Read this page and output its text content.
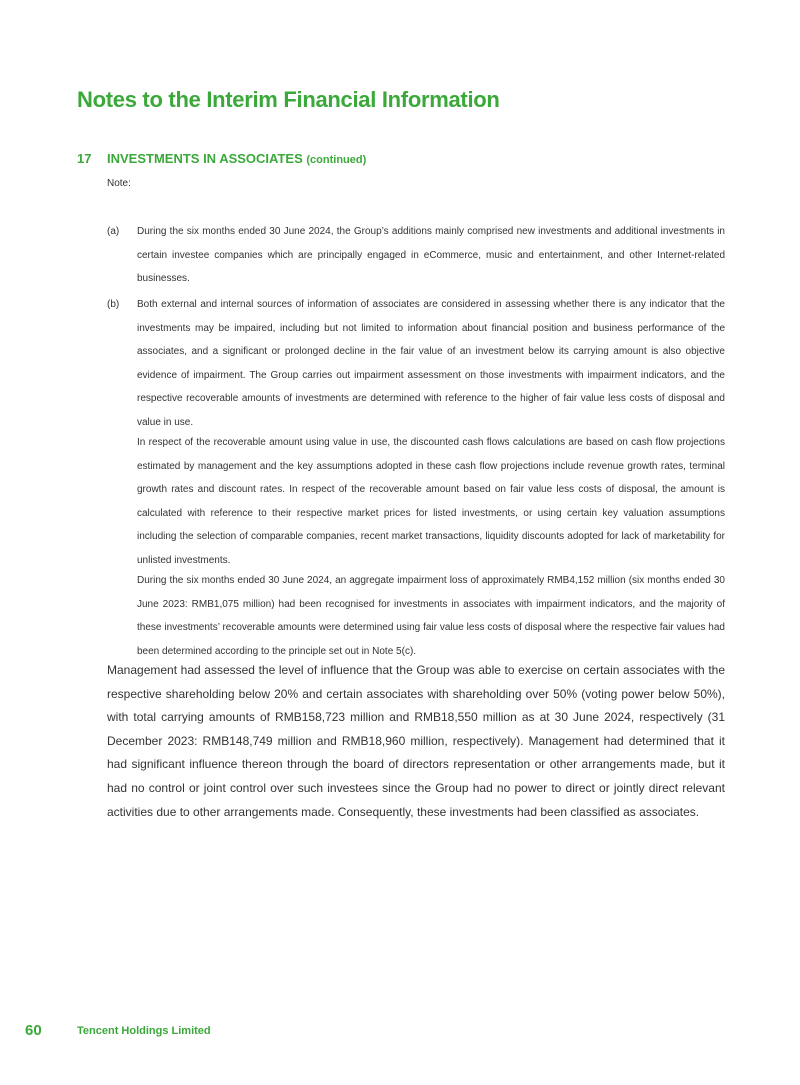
Notes to the Interim Financial Information
17 INVESTMENTS IN ASSOCIATES (continued)
Note:
(a) During the six months ended 30 June 2024, the Group’s additions mainly comprised new investments and additional investments in certain investee companies which are principally engaged in eCommerce, music and entertainment, and other Internet-related businesses.

(b) Both external and internal sources of information of associates are considered in assessing whether there is any indicator that the investments may be impaired, including but not limited to information about financial position and business performance of the associates, and a significant or prolonged decline in the fair value of an investment below its carrying amount is also objective evidence of impairment. The Group carries out impairment assessment on those investments with impairment indicators, and the respective recoverable amounts of investments are determined with reference to the higher of fair value less costs of disposal and value in use.

In respect of the recoverable amount using value in use, the discounted cash flows calculations are based on cash flow projections estimated by management and the key assumptions adopted in these cash flow projections include revenue growth rates, terminal growth rates and discount rates. In respect of the recoverable amount based on fair value less costs of disposal, the amount is calculated with reference to their respective market prices for listed investments, or using certain key valuation assumptions including the selection of comparable companies, recent market transactions, liquidity discounts adopted for lack of marketability for unlisted investments.

During the six months ended 30 June 2024, an aggregate impairment loss of approximately RMB4,152 million (six months ended 30 June 2023: RMB1,075 million) had been recognised for investments in associates with impairment indicators, and the majority of these investments’ recoverable amounts were determined using fair value less costs of disposal where the respective fair values had been determined according to the principle set out in Note 5(c).

Management had assessed the level of influence that the Group was able to exercise on certain associates with the respective shareholding below 20% and certain associates with shareholding over 50% (voting power below 50%), with total carrying amounts of RMB158,723 million and RMB18,550 million as at 30 June 2024, respectively (31 December 2023: RMB148,749 million and RMB18,960 million, respectively). Management had determined that it had significant influence thereon through the board of directors representation or other arrangements made, but it had no control or joint control over such investees since the Group had no power to direct or jointly direct relevant activities due to other arrangements made. Consequently, these investments had been classified as associates.
60	Tencent Holdings Limited
